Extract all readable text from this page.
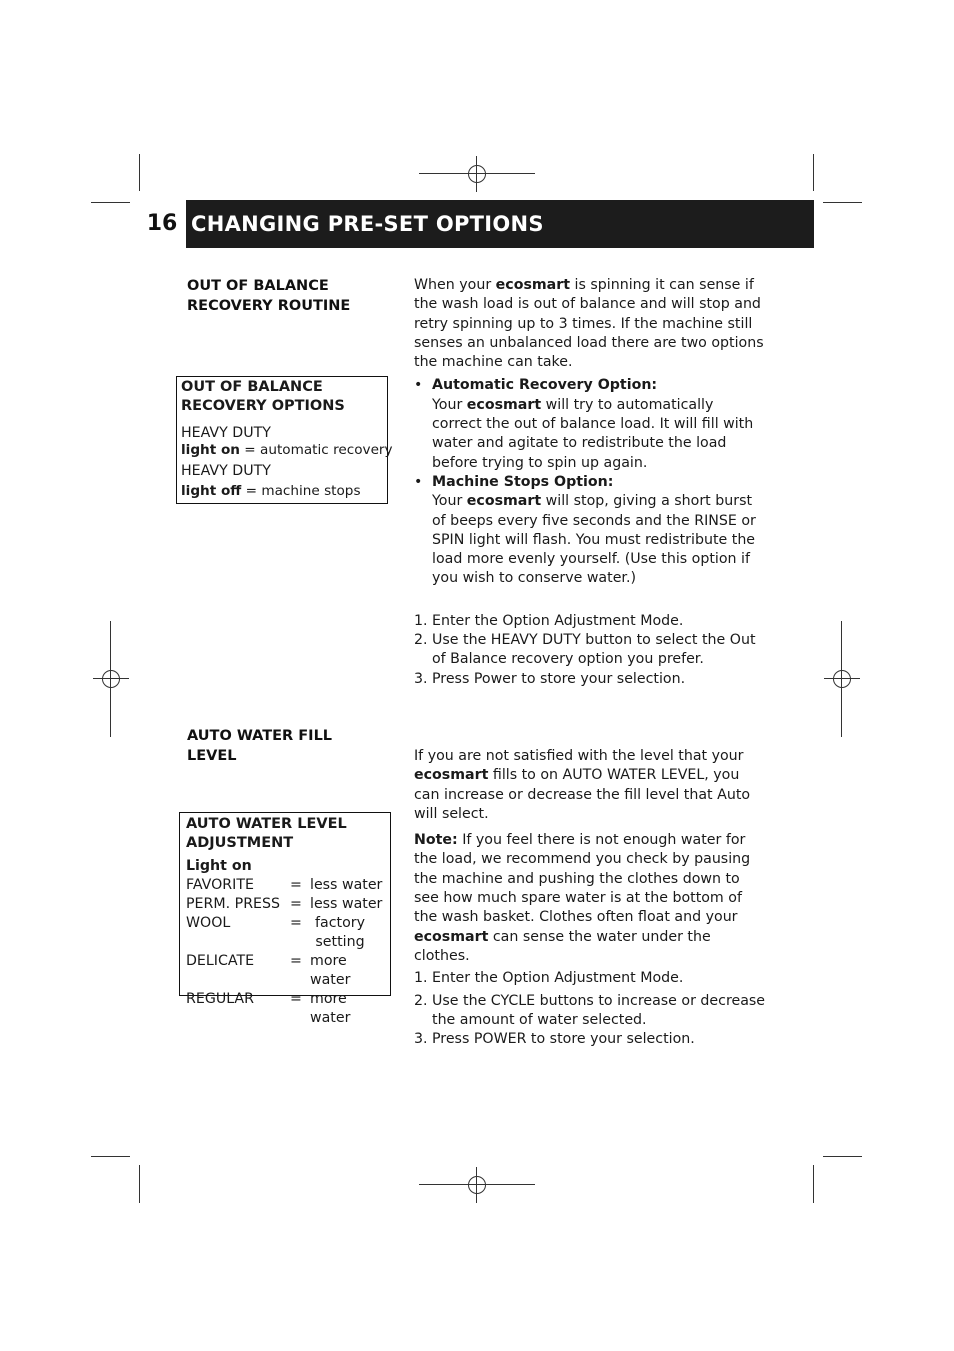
16 CHANGING PRE-SET OPTIONS
OUT OF BALANCE
RECOVERY ROUTINE
OUT OF BALANCE
RECOVERY OPTIONS
HEAVY DUTY
light on = automatic recovery
HEAVY DUTY
light off = machine stops

When your ecosmart is spinning it can sense if the wash load is out of balance and will stop and retry spinning up to 3 times. If the machine still senses an unbalanced load there are two options the machine can take.

• Automatic Recovery Option:
Your ecosmart will try to automatically correct the out of balance load. It will fill with water and agitate to redistribute the load before trying to spin up again.
• Machine Stops Option:
Your ecosmart will stop, giving a short burst of beeps every five seconds and the RINSE or SPIN light will flash. You must redistribute the load more evenly yourself. (Use this option if you wish to conserve water.)
1. Enter the Option Adjustment Mode.
2. Use the HEAVY DUTY button to select the Out of Balance recovery option you prefer.
3. Press Power to store your selection.
AUTO WATER FILL
LEVEL
AUTO WATER LEVEL
ADJUSTMENT
Light on
FAVORITE	= less water
PERM. PRESS = less water
WOOL	= factory setting
DELICATE	= more water
REGULAR	= more water

If you are not satisfied with the level that your ecosmart fills to on AUTO WATER LEVEL, you can increase or decrease the fill level that Auto will select.

Note: If you feel there is not enough water for the load, we recommend you check by pausing the machine and pushing the clothes down to see how much spare water is at the bottom of the wash basket. Clothes often float and your ecosmart can sense the water under the clothes.

1. Enter the Option Adjustment Mode.
2. Use the CYCLE buttons to increase or decrease the amount of water selected.
3. Press POWER to store your selection.
